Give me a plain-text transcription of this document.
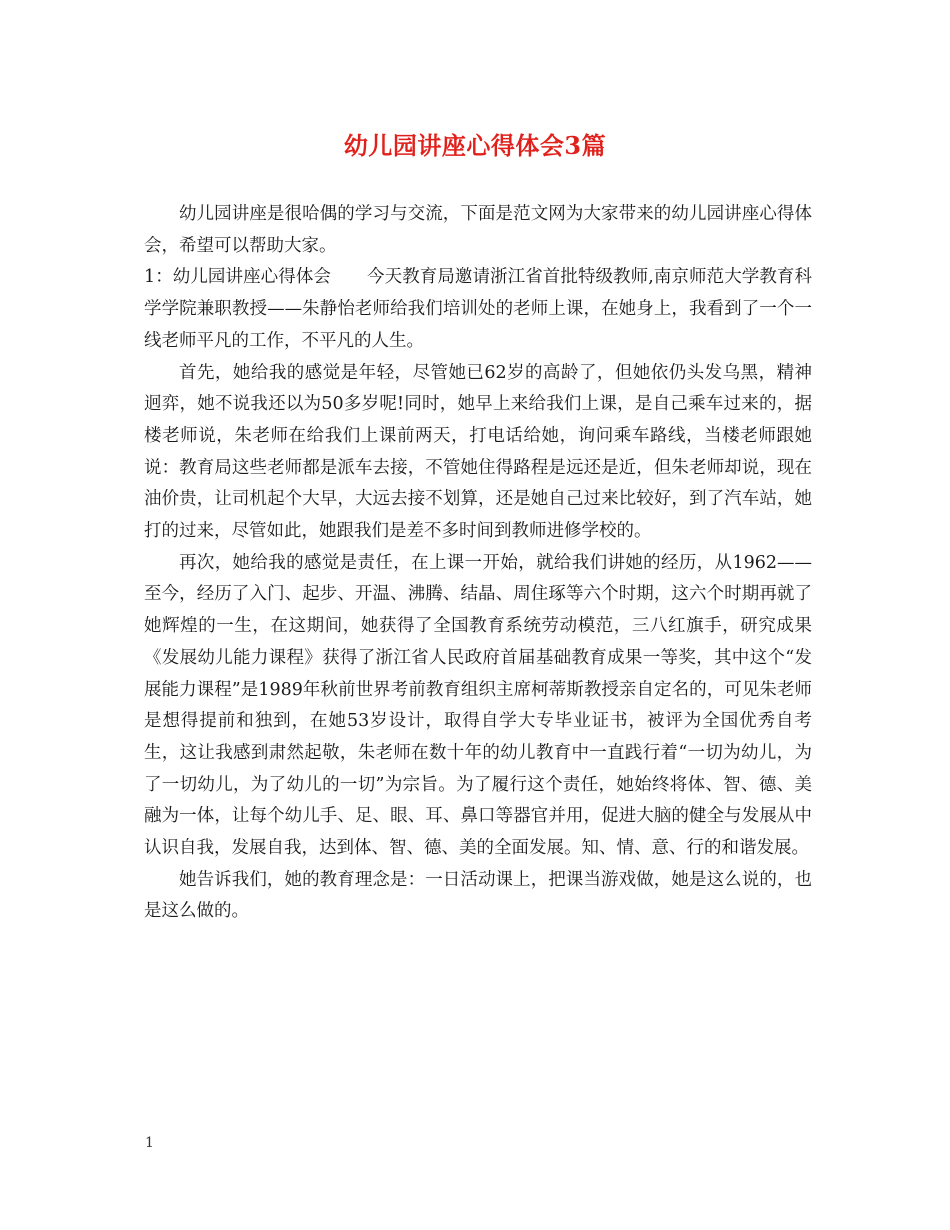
幼儿园讲座心得体会3篇

幼儿园讲座是很哈偶的学习与交流，下面是范文网为大家带来的幼儿园讲座心得体会，希望可以帮助大家。

1：幼儿园讲座心得体会 今天教育局邀请浙江省首批特级教师,南京师范大学教育科学学院兼职教授——朱静怡老师给我们培训处的老师上课，在她身上，我看到了一个一线老师平凡的工作，不平凡的人生。

首先，她给我的感觉是年轻，尽管她已62岁的高龄了，但她依仍头发乌黑，精神迥弈，她不说我还以为50多岁呢!同时，她早上来给我们上课，是自己乘车过来的，据楼老师说，朱老师在给我们上课前两天，打电话给她，询问乘车路线，当楼老师跟她说：教育局这些老师都是派车去接，不管她住得路程是远还是近，但朱老师却说，现在油价贵，让司机起个大早，大远去接不划算，还是她自己过来比较好，到了汽车站，她打的过来，尽管如此，她跟我们是差不多时间到教师进修学校的。

再次，她给我的感觉是责任，在上课一开始，就给我们讲她的经历，从1962——至今，经历了入门、起步、开温、沸腾、结晶、周住琢等六个时期，这六个时期再就了她辉煌的一生，在这期间，她获得了全国教育系统劳动模范，三八红旗手，研究成果《发展幼儿能力课程》获得了浙江省人民政府首届基础教育成果一等奖，其中这个“发展能力课程”是1989年秋前世界考前教育组织主席柯蒂斯教授亲自定名的，可见朱老师是想得提前和独到，在她53岁设计，取得自学大专毕业证书，被评为全国优秀自考生，这让我感到肃然起敬，朱老师在数十年的幼儿教育中一直践行着“一切为幼儿，为了一切幼儿，为了幼儿的一切”为宗旨。为了履行这个责任，她始终将体、智、德、美融为一体，让每个幼儿手、足、眼、耳、鼻口等器官并用，促进大脑的健全与发展从中认识自我，发展自我，达到体、智、德、美的全面发展。知、情、意、行的和谐发展。

她告诉我们，她的教育理念是：一日活动课上，把课当游戏做，她是这么说的，也是这么做的。

1
